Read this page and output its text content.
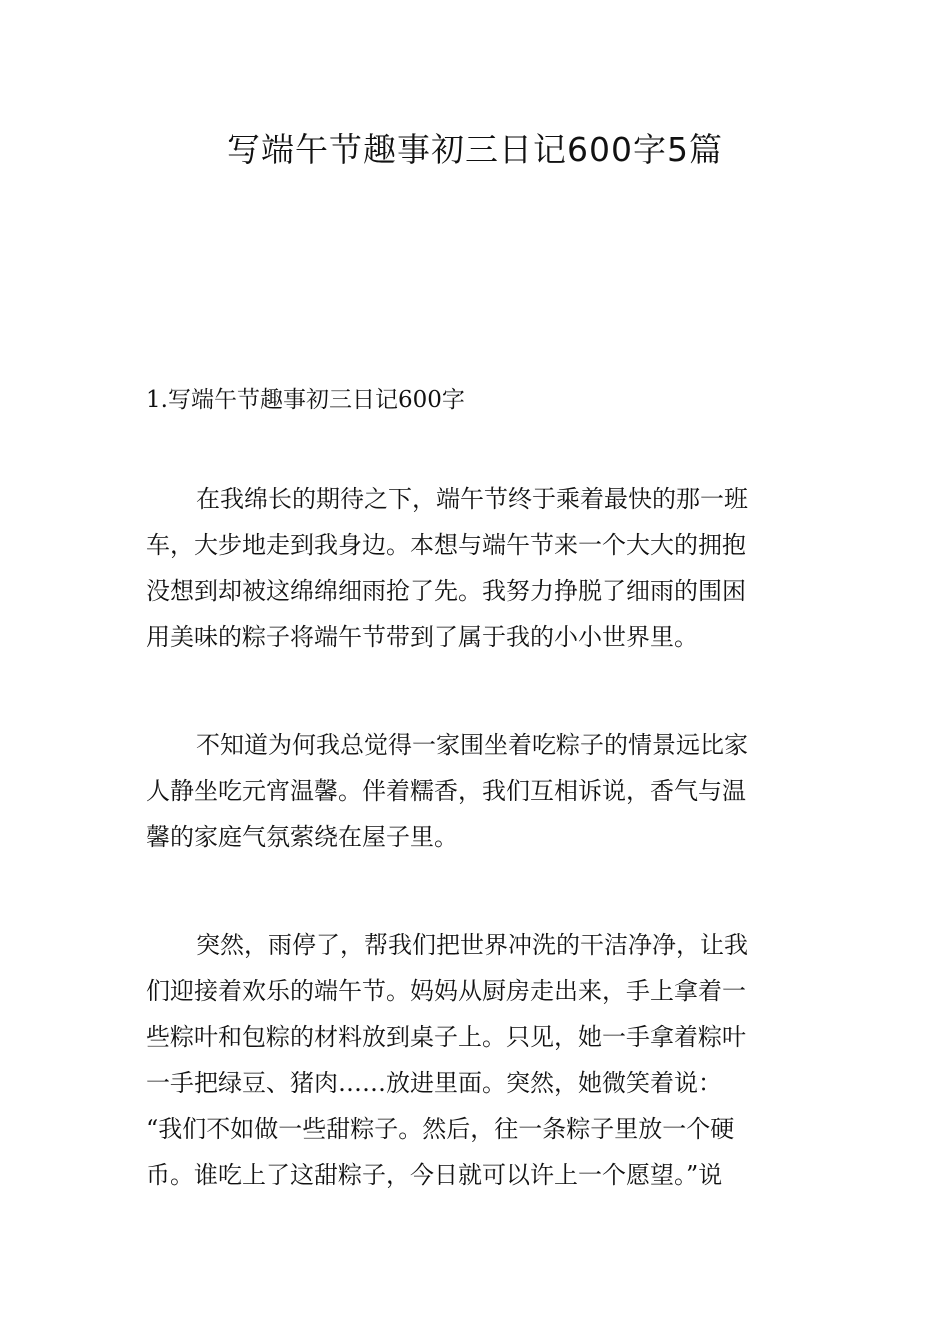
写端午节趣事初三日记600字5篇
1.写端午节趣事初三日记600字
在我绵长的期待之下，端午节终于乘着最快的那一班
车，大步地走到我身边。本想与端午节来一个大大的拥抱
没想到却被这绵绵细雨抢了先。我努力挣脱了细雨的围困
用美味的粽子将端午节带到了属于我的小小世界里。
不知道为何我总觉得一家围坐着吃粽子的情景远比家
人静坐吃元宵温馨。伴着糯香，我们互相诉说，香气与温
馨的家庭气氛萦绕在屋子里。
突然，雨停了，帮我们把世界冲洗的干洁净净，让我
们迎接着欢乐的端午节。妈妈从厨房走出来，手上拿着一
些粽叶和包粽的材料放到桌子上。只见，她一手拿着粽叶
一手把绿豆、猪肉……放进里面。突然，她微笑着说：
“我们不如做一些甜粽子。然后，往一条粽子里放一个硬
币。谁吃上了这甜粽子，今日就可以许上一个愿望。”说
